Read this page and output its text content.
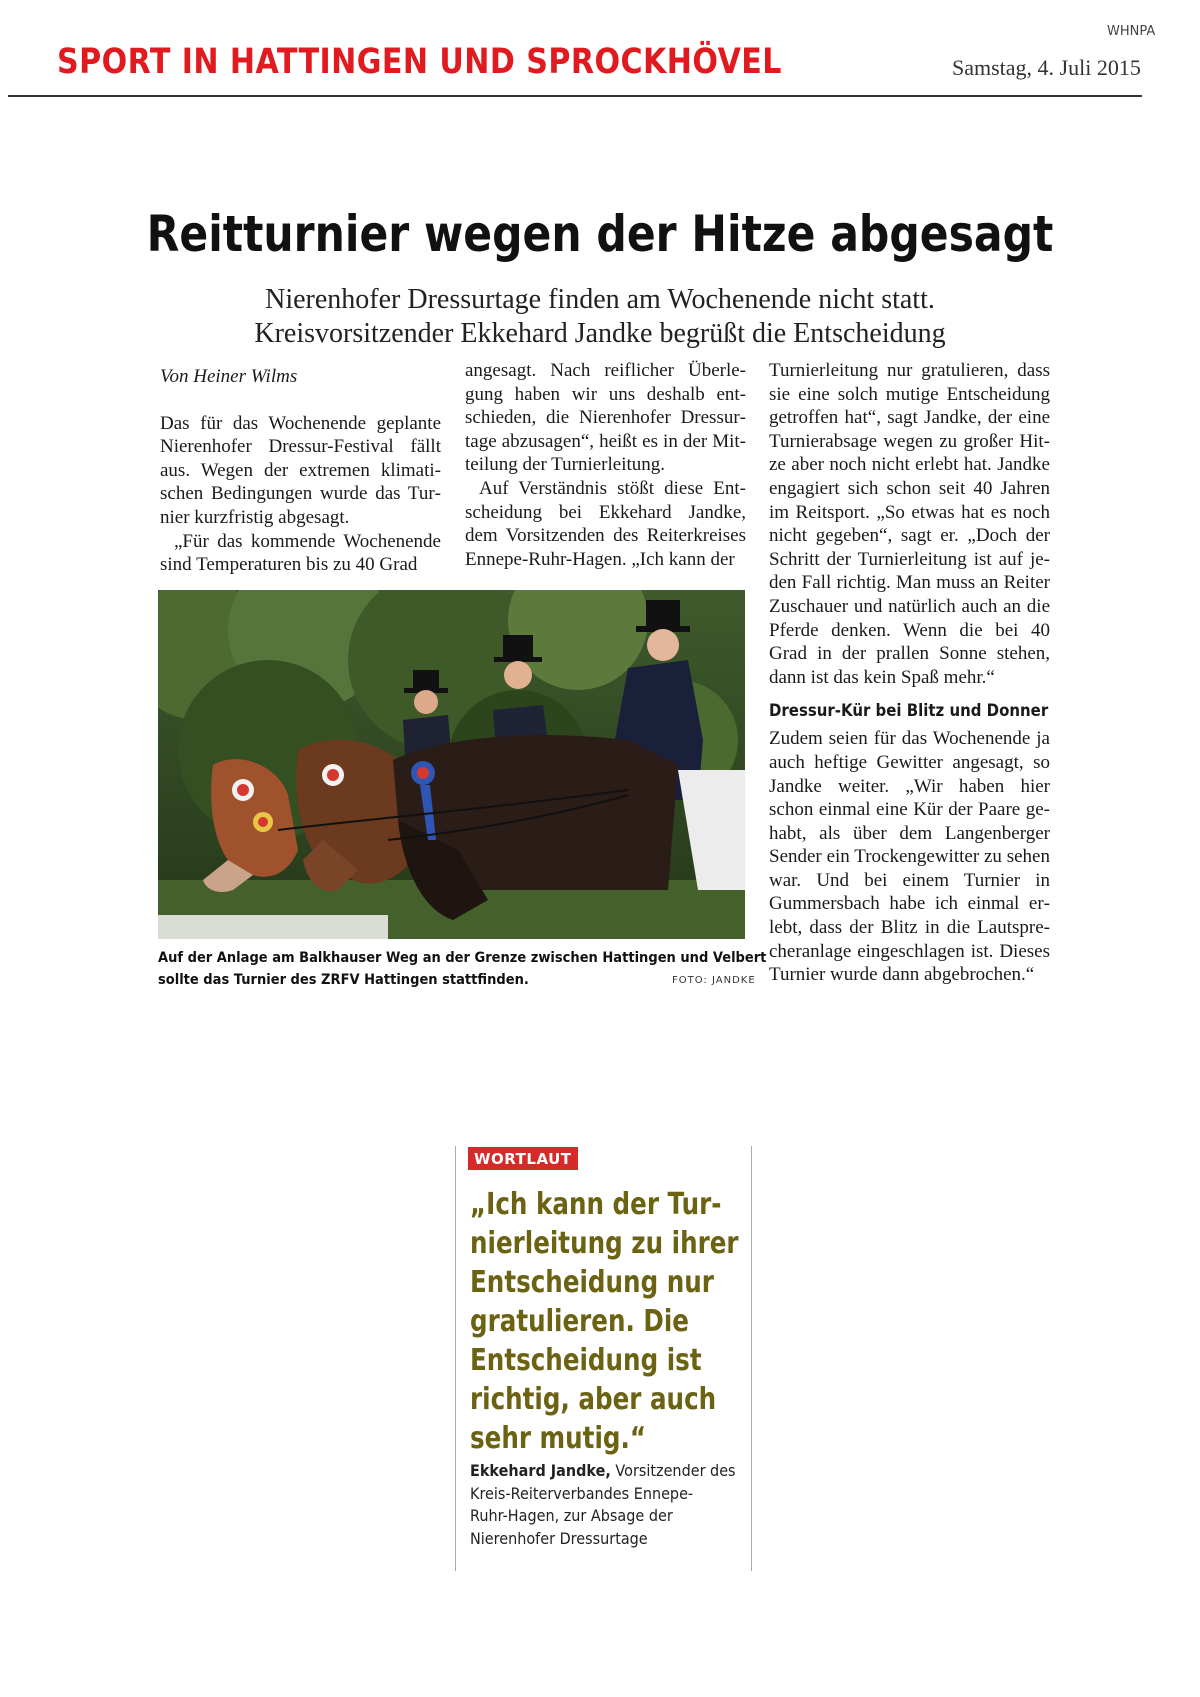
WHNPA
SPORT IN HATTINGEN UND SPROCKHÖVEL	Samstag, 4. Juli 2015
Reitturnier wegen der Hitze abgesagt
Nierenhofer Dressurtage finden am Wochenende nicht statt.
Kreisvorsitzender Ekkehard Jandke begrüßt die Entscheidung

Von Heiner Wilms

Das für das Wochenende geplante Nierenhofer Dressur-Festival fällt aus. Wegen der extremen klimatischen Bedingungen wurde das Turnier kurzfristig abgesagt.

„Für das kommende Wochenende sind Temperaturen bis zu 40 Grad

angesagt. Nach reiflicher Überlegung haben wir uns deshalb entschieden, die Nierenhofer Dressurtage abzusagen“, heißt es in der Mitteilung der Turnierleitung.

Auf Verständnis stößt diese Entscheidung bei Ekkehard Jandke, dem Vorsitzenden des Reiterkreises Ennepe-Ruhr-Hagen. „Ich kann der

Turnierleitung nur gratulieren, dass sie eine solch mutige Entscheidung getroffen hat“, sagt Jandke, der eine Turnierabsage wegen zu großer Hitze aber noch nicht erlebt hat. Jandke engagiert sich schon seit 40 Jahren im Reitsport. „So etwas hat es noch nicht gegeben“, sagt er. „Doch der Schritt der Turnierleitung ist auf jeden Fall richtig. Man muss an Reiter Zuschauer und natürlich auch an die Pferde denken. Wenn die bei 40 Grad in der prallen Sonne stehen, dann ist das kein Spaß mehr.“

Dressur-Kür bei Blitz und Donner

Zudem seien für das Wochenende ja auch heftige Gewitter angesagt, so Jandke weiter. „Wir haben hier schon einmal eine Kür der Paare gehabt, als über dem Langenberger Sender ein Trockengewitter zu sehen war. Und bei einem Turnier in Gummersbach habe ich einmal erlebt, dass der Blitz in die Lautsprecheranlage eingeschlagen ist. Dieses Turnier wurde dann abgebrochen.“

Auf der Anlage am Balkhauser Weg an der Grenze zwischen Hattingen und Velbert
sollte das Turnier des ZRFV Hattingen stattfinden.	FOTO: JANDKE
WORTLAUT
„Ich kann der Tur-
nierleitung zu ihrer
Entscheidung nur
gratulieren. Die
Entscheidung ist
richtig, aber auch
sehr mutig.“
Ekkehard Jandke, Vorsitzender des
Kreis-Reiterverbandes Ennepe-
Ruhr-Hagen, zur Absage der
Nierenhofer Dressurtage
